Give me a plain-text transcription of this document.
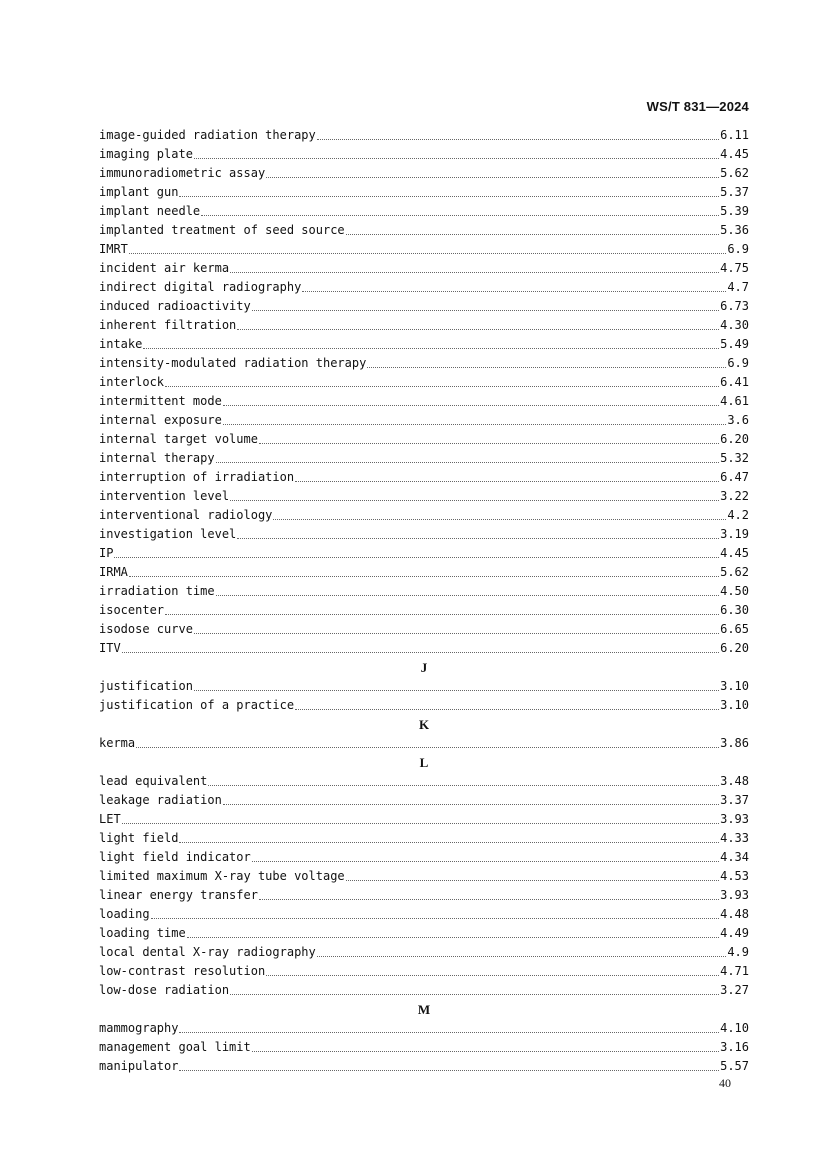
WS/T 831—2024
image-guided radiation therapy	6.11
imaging plate	4.45
immunoradiometric assay	5.62
implant gun	5.37
implant needle	5.39
implanted treatment of seed source	5.36
IMRT	6.9
incident air kerma	4.75
indirect digital radiography	4.7
induced radioactivity	6.73
inherent filtration	4.30
intake	5.49
intensity-modulated radiation therapy	6.9
interlock	6.41
intermittent mode	4.61
internal exposure	3.6
internal target volume	6.20
internal therapy	5.32
interruption of irradiation	6.47
intervention level	3.22
interventional radiology	4.2
investigation level	3.19
IP	4.45
IRMA	5.62
irradiation time	4.50
isocenter	6.30
isodose curve	6.65
ITV	6.20
J
justification	3.10
justification of a practice	3.10
K
kerma	3.86
L
lead equivalent	3.48
leakage radiation	3.37
LET	3.93
light field	4.33
light field indicator	4.34
limited maximum X-ray tube voltage	4.53
linear energy transfer	3.93
loading	4.48
loading time	4.49
local dental X-ray radiography	4.9
low-contrast resolution	4.71
low-dose radiation	3.27
M
mammography	4.10
management goal limit	3.16
manipulator	5.57
40
